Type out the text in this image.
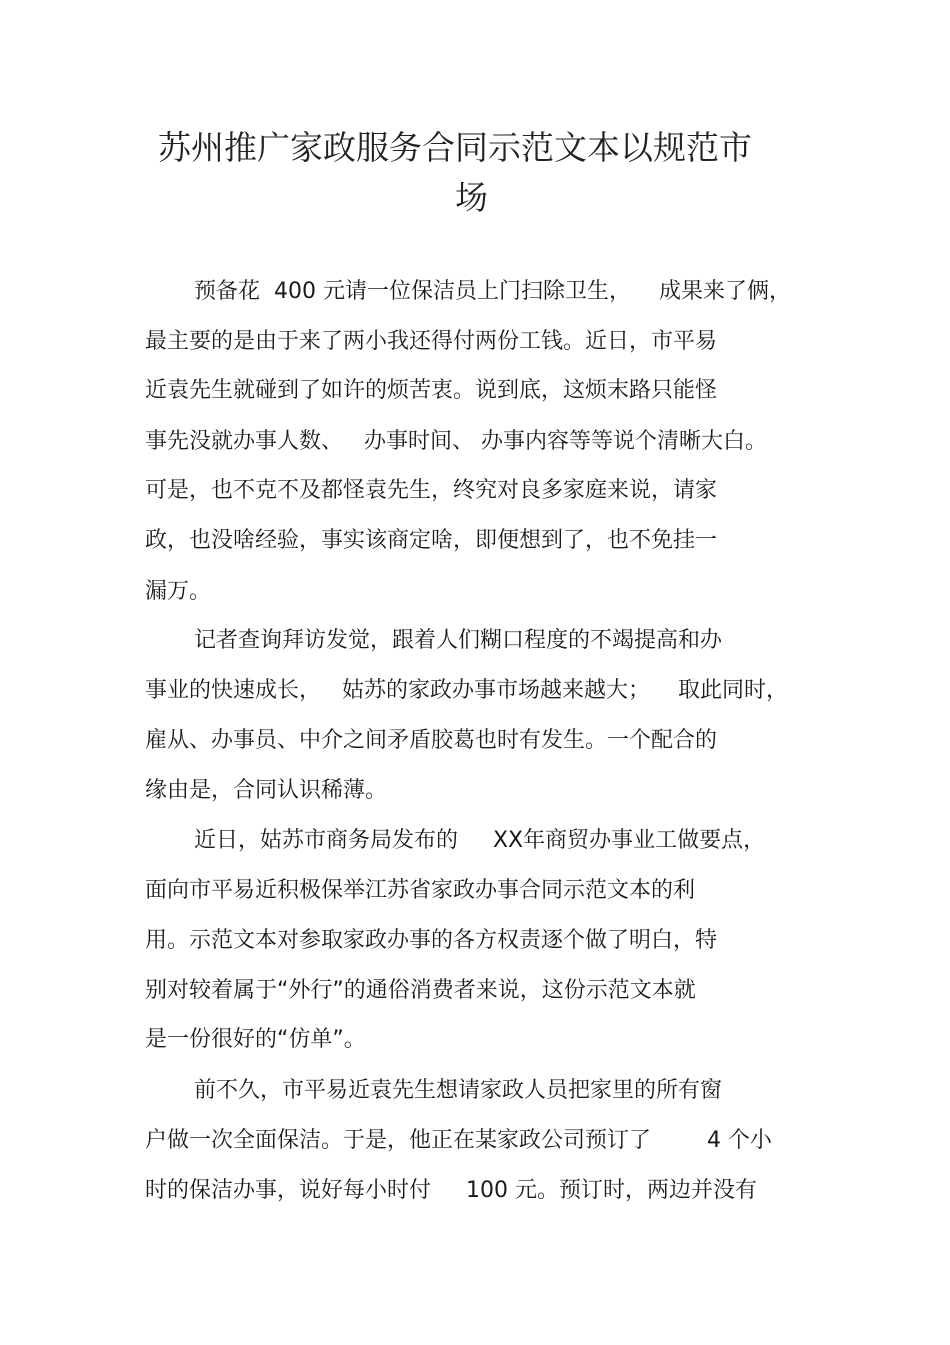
苏州推广家政服务合同示范文本以规范市
场
预备花  400 元请一位保洁员上门扫除卫生，    成果来了俩，
最主要的是由于来了两小我还得付两份工钱。近日，市平易
近袁先生就碰到了如许的烦苦衷。说到底，这烦末路只能怪
事先没就办事人数、   办事时间、 办事内容等等说个清晰大白。
可是，也不克不及都怪袁先生，终究对良多家庭来说，请家
政，也没啥经验，事实该商定啥，即便想到了，也不免挂一
漏万。
记者查询拜访发觉，跟着人们糊口程度的不竭提高和办
事业的快速成长，   姑苏的家政办事市场越来越大；    取此同时，
雇从、办事员、中介之间矛盾胶葛也时有发生。一个配合的
缘由是，合同认识稀薄。
近日，姑苏市商务局发布的     XX年商贸办事业工做要点，
面向市平易近积极保举江苏省家政办事合同示范文本的利
用。示范文本对参取家政办事的各方权责逐个做了明白，特
别对较着属于“外行”的通俗消费者来说，这份示范文本就
是一份很好的“仿单”。
前不久，市平易近袁先生想请家政人员把家里的所有窗
户做一次全面保洁。于是，他正在某家政公司预订了        4 个小
时的保洁办事，说好每小时付     100 元。预订时，两边并没有
